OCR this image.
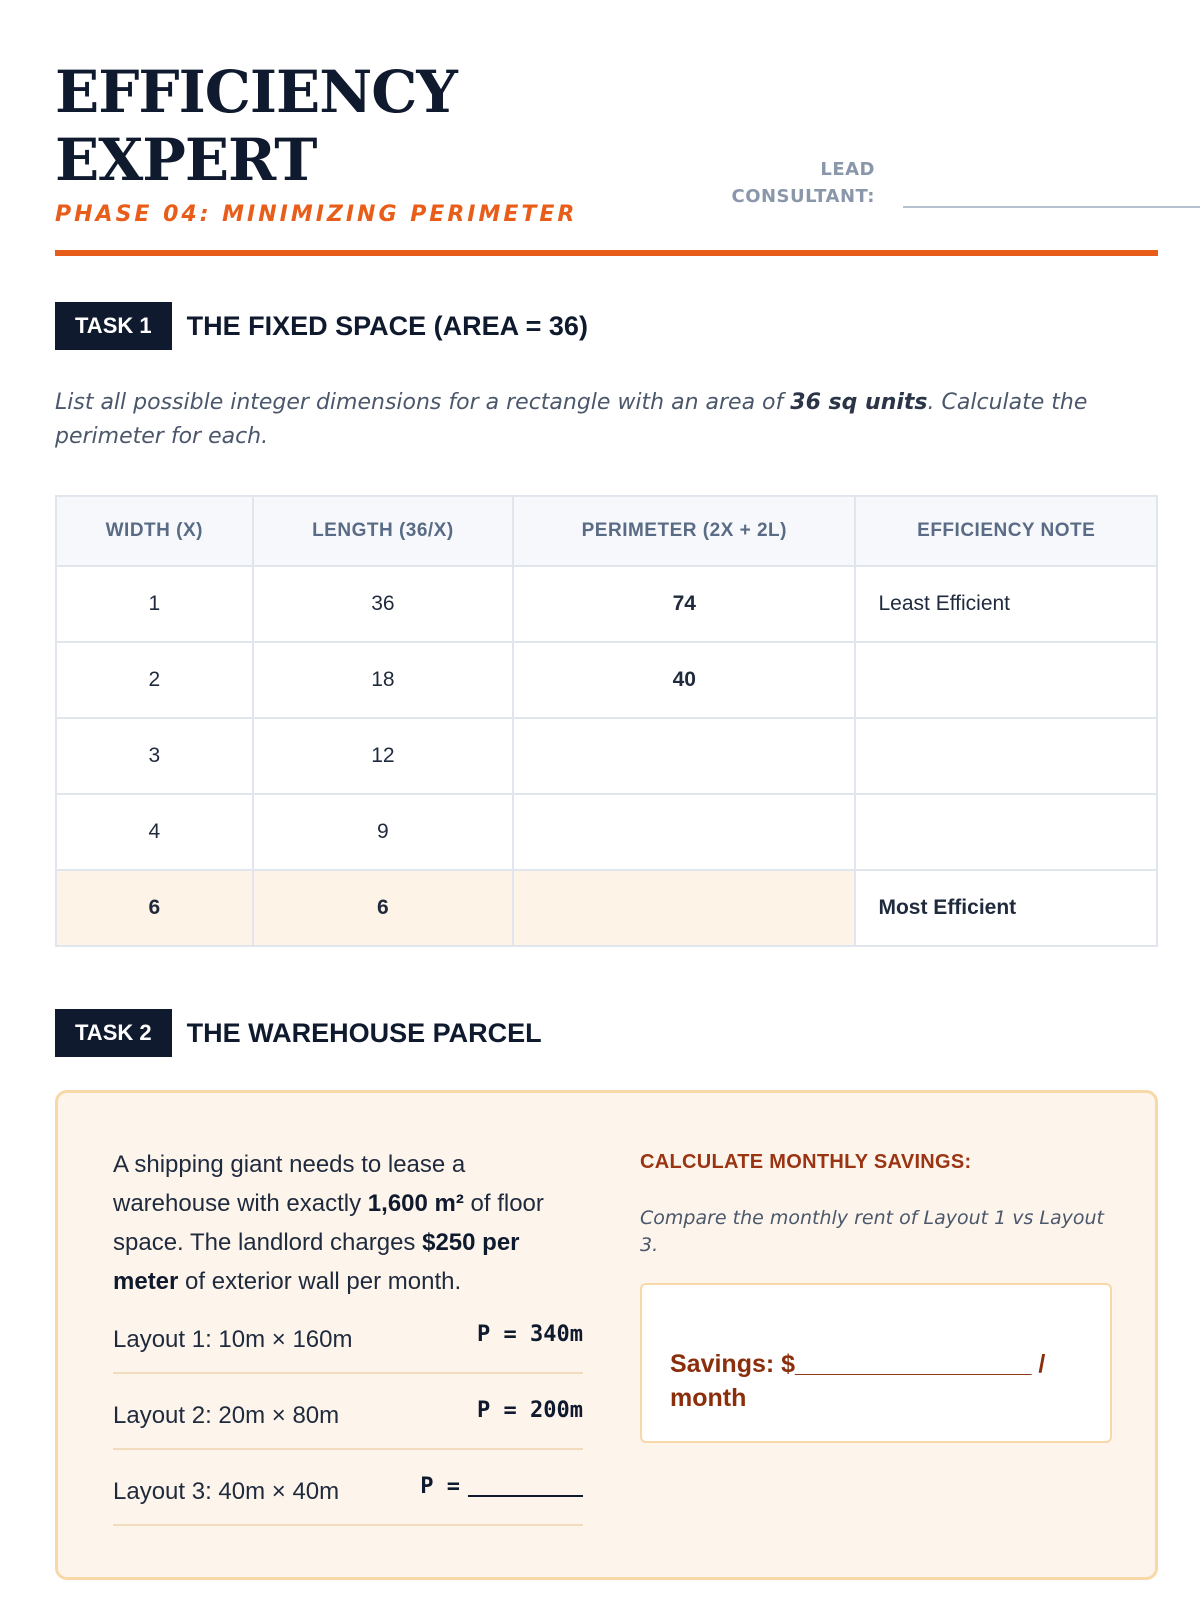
EFFICIENCY
EXPERT
PHASE 04: MINIMIZING PERIMETER
LEAD
CONSULTANT:
TASK 1	THE FIXED SPACE (AREA = 36)
List all possible integer dimensions for a rectangle with an area of 36 sq units. Calculate the perimeter for each.
WIDTH (X)	LENGTH (36/X)	PERIMETER (2X + 2L)	EFFICIENCY NOTE
1	36	74	Least Efficient
2	18	40	
3	12		
4	9		
6	6		Most Efficient
TASK 2	THE WAREHOUSE PARCEL
A shipping giant needs to lease a warehouse with exactly 1,600 m² of floor space. The landlord charges $250 per meter of exterior wall per month.
Layout 1: 10m × 160m	P = 340m
Layout 2: 20m × 80m	P = 200m
Layout 3: 40m × 40m	P =
CALCULATE MONTHLY SAVINGS:
Compare the monthly rent of Layout 1 vs Layout 3.
Savings: $_________________ / month
